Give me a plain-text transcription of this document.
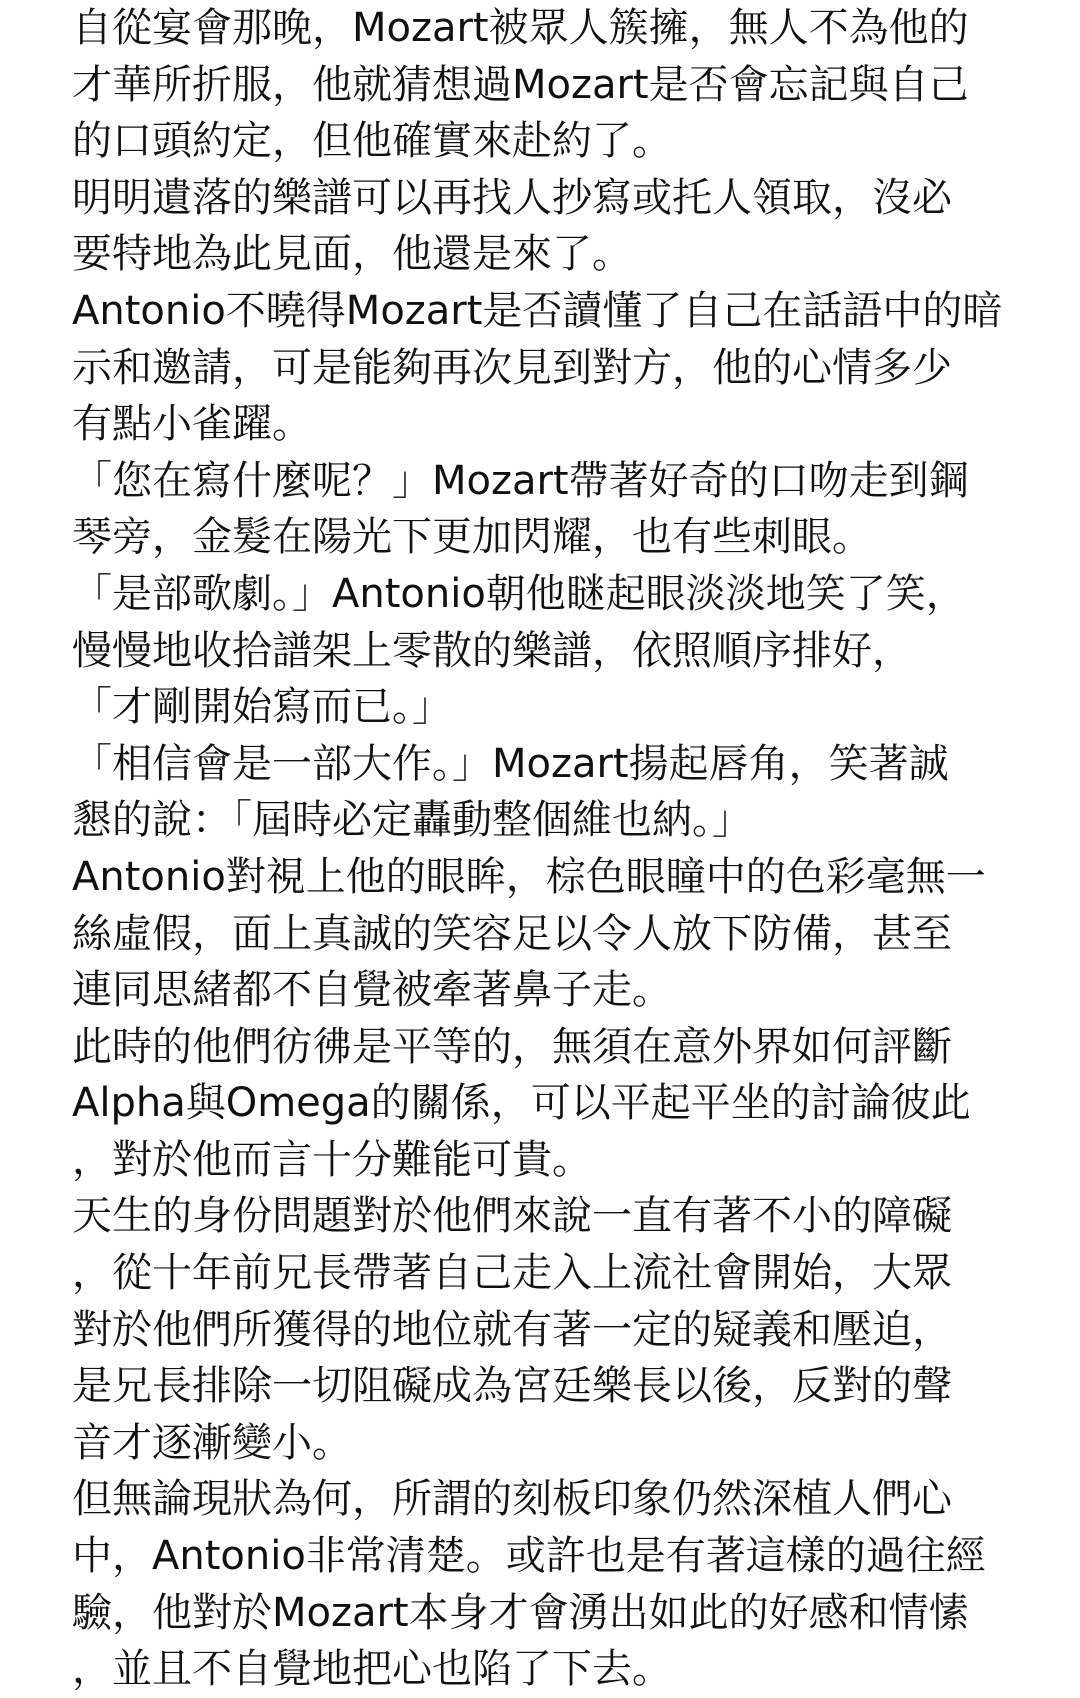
自從宴會那晚，Mozart被眾人簇擁，無人不為他的
才華所折服，他就猜想過Mozart是否會忘記與自己
的口頭約定，但他確實來赴約了。
明明遺落的樂譜可以再找人抄寫或托人領取，沒必
要特地為此見面，他還是來了。
Antonio不曉得Mozart是否讀懂了自己在話語中的暗
示和邀請，可是能夠再次見到對方，他的心情多少
有點小雀躍。
「您在寫什麼呢？」Mozart帶著好奇的口吻走到鋼
琴旁，金髮在陽光下更加閃耀，也有些刺眼。
「是部歌劇。」Antonio朝他瞇起眼淡淡地笑了笑，
慢慢地收拾譜架上零散的樂譜，依照順序排好，
「才剛開始寫而已。」
「相信會是一部大作。」Mozart揚起唇角，笑著誠
懇的說：「屆時必定轟動整個維也納。」
Antonio對視上他的眼眸，棕色眼瞳中的色彩毫無一
絲虛假，面上真誠的笑容足以令人放下防備，甚至
連同思緒都不自覺被牽著鼻子走。
此時的他們彷彿是平等的，無須在意外界如何評斷
Alpha與Omega的關係，可以平起平坐的討論彼此
，對於他而言十分難能可貴。
天生的身份問題對於他們來說一直有著不小的障礙
，從十年前兄長帶著自己走入上流社會開始，大眾
對於他們所獲得的地位就有著一定的疑義和壓迫，
是兄長排除一切阻礙成為宮廷樂長以後，反對的聲
音才逐漸變小。
但無論現狀為何，所謂的刻板印象仍然深植人們心
中，Antonio非常清楚。或許也是有著這樣的過往經
驗，他對於Mozart本身才會湧出如此的好感和情愫
，並且不自覺地把心也陷了下去。
